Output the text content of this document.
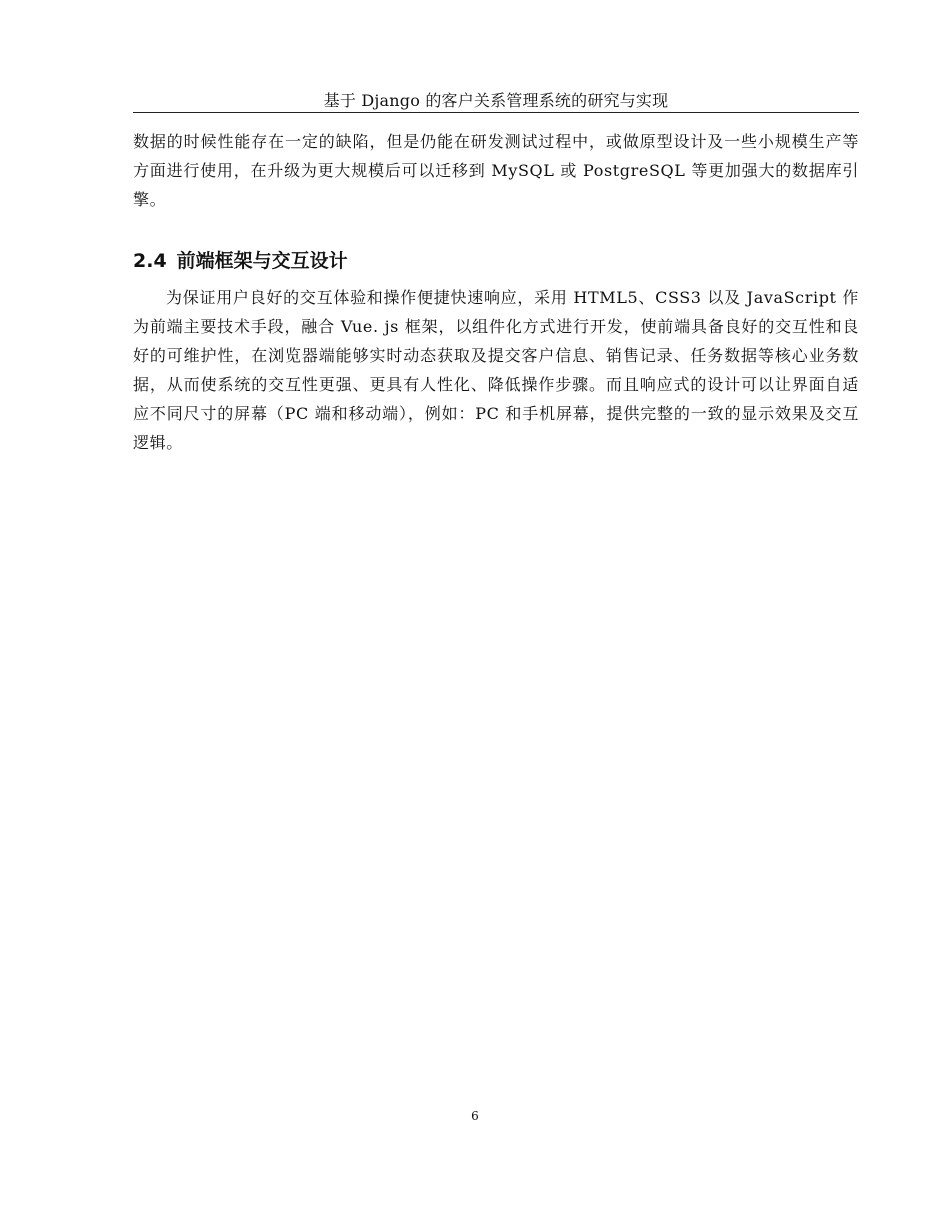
基于 Django 的客户关系管理系统的研究与实现

数据的时候性能存在一定的缺陷，但是仍能在研发测试过程中，或做原型设计及一些小规模生产等方面进行使用，在升级为更大规模后可以迁移到 MySQL 或 PostgreSQL 等更加强大的数据库引擎。

2.4 前端框架与交互设计

为保证用户良好的交互体验和操作便捷快速响应，采用 HTML5、CSS3 以及 JavaScript 作为前端主要技术手段，融合 Vue. js 框架，以组件化方式进行开发，使前端具备良好的交互性和良好的可维护性，在浏览器端能够实时动态获取及提交客户信息、销售记录、任务数据等核心业务数据，从而使系统的交互性更强、更具有人性化、降低操作步骤。而且响应式的设计可以让界面自适应不同尺寸的屏幕（PC 端和移动端），例如：PC 和手机屏幕，提供完整的一致的显示效果及交互逻辑。

6
